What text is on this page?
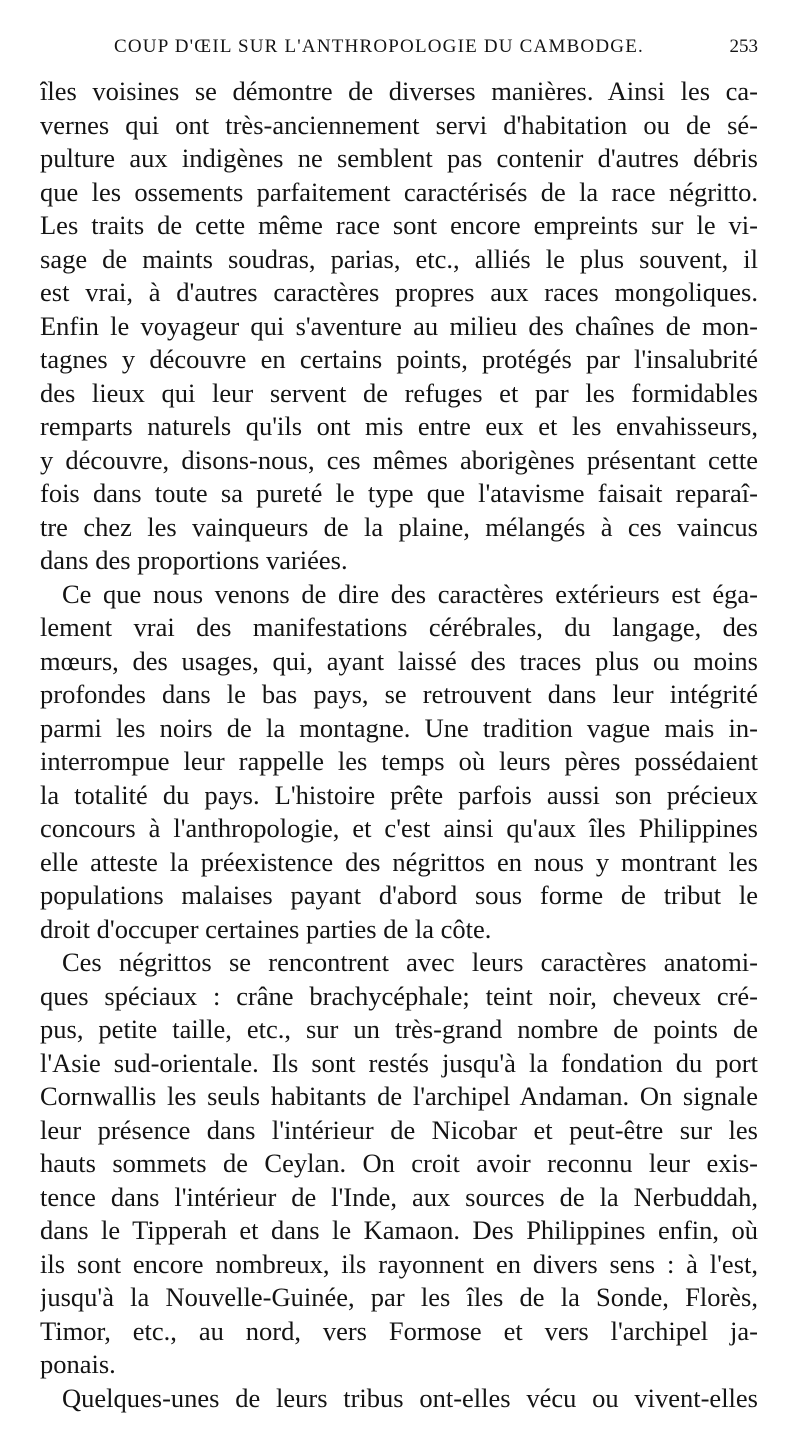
COUP D'ŒIL SUR L'ANTHROPOLOGIE DU CAMBODGE.	253
îles voisines se démontre de diverses manières. Ainsi les ca-
vernes qui ont très-anciennement servi d'habitation ou de sé-
pulture aux indigènes ne semblent pas contenir d'autres débris
que les ossements parfaitement caractérisés de la race négritto.
Les traits de cette même race sont encore empreints sur le vi-
sage de maints soudras, parias, etc., alliés le plus souvent, il
est vrai, à d'autres caractères propres aux races mongoliques.
Enfin le voyageur qui s'aventure au milieu des chaînes de mon-
tagnes y découvre en certains points, protégés par l'insalubrité
des lieux qui leur servent de refuges et par les formidables
remparts naturels qu'ils ont mis entre eux et les envahisseurs,
y découvre, disons-nous, ces mêmes aborigènes présentant cette
fois dans toute sa pureté le type que l'atavisme faisait reparaî-
tre chez les vainqueurs de la plaine, mélangés à ces vaincus
dans des proportions variées.
Ce que nous venons de dire des caractères extérieurs est éga-
lement vrai des manifestations cérébrales, du langage, des
mœurs, des usages, qui, ayant laissé des traces plus ou moins
profondes dans le bas pays, se retrouvent dans leur intégrité
parmi les noirs de la montagne. Une tradition vague mais in-
interrompue leur rappelle les temps où leurs pères possédaient
la totalité du pays. L'histoire prête parfois aussi son précieux
concours à l'anthropologie, et c'est ainsi qu'aux îles Philippines
elle atteste la préexistence des négrittos en nous y montrant les
populations malaises payant d'abord sous forme de tribut le
droit d'occuper certaines parties de la côte.
Ces négrittos se rencontrent avec leurs caractères anatomi-
ques spéciaux : crâne brachycéphale; teint noir, cheveux cré-
pus, petite taille, etc., sur un très-grand nombre de points de
l'Asie sud-orientale. Ils sont restés jusqu'à la fondation du port
Cornwallis les seuls habitants de l'archipel Andaman. On signale
leur présence dans l'intérieur de Nicobar et peut-être sur les
hauts sommets de Ceylan. On croit avoir reconnu leur exis-
tence dans l'intérieur de l'Inde, aux sources de la Nerbuddah,
dans le Tipperah et dans le Kamaon. Des Philippines enfin, où
ils sont encore nombreux, ils rayonnent en divers sens : à l'est,
jusqu'à la Nouvelle-Guinée, par les îles de la Sonde, Florès,
Timor, etc., au nord, vers Formose et vers l'archipel ja-
ponais.
Quelques-unes de leurs tribus ont-elles vécu ou vivent-elles
